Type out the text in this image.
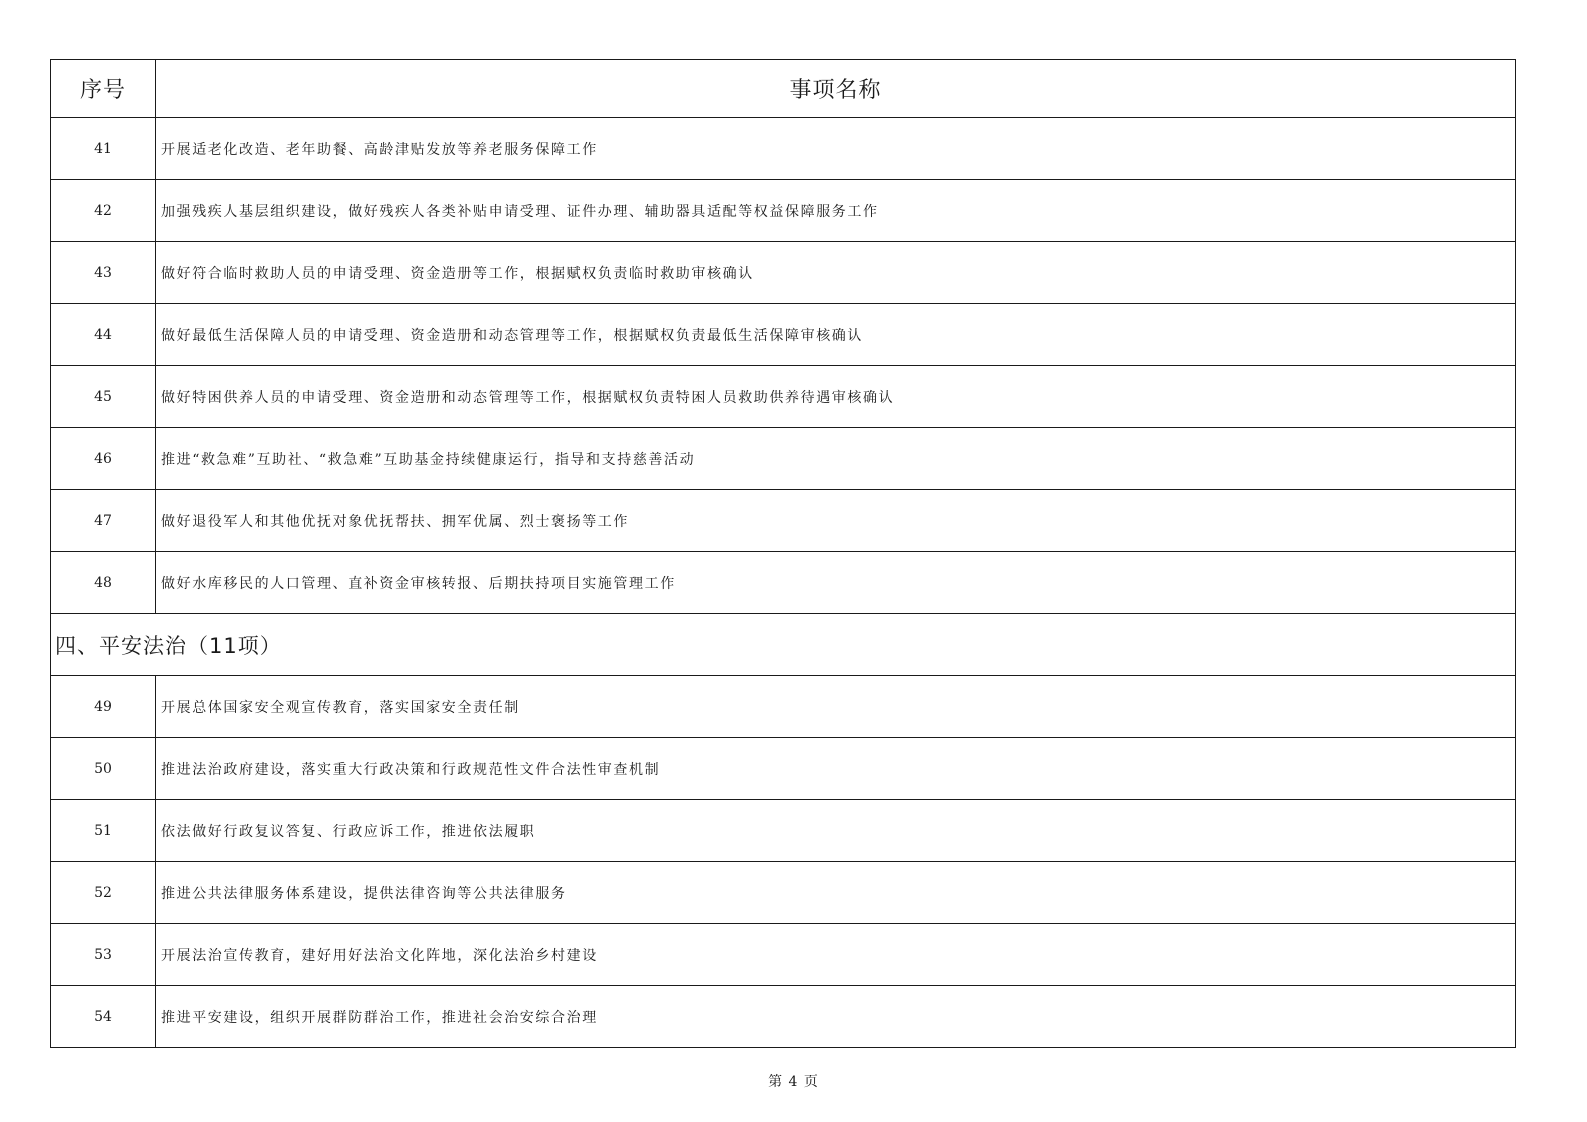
序号	事项名称
41	开展适老化改造、老年助餐、高龄津贴发放等养老服务保障工作
42	加强残疾人基层组织建设，做好残疾人各类补贴申请受理、证件办理、辅助器具适配等权益保障服务工作
43	做好符合临时救助人员的申请受理、资金造册等工作，根据赋权负责临时救助审核确认
44	做好最低生活保障人员的申请受理、资金造册和动态管理等工作，根据赋权负责最低生活保障审核确认
45	做好特困供养人员的申请受理、资金造册和动态管理等工作，根据赋权负责特困人员救助供养待遇审核确认
46	推进“救急难”互助社、“救急难”互助基金持续健康运行，指导和支持慈善活动
47	做好退役军人和其他优抚对象优抚帮扶、拥军优属、烈士褒扬等工作
48	做好水库移民的人口管理、直补资金审核转报、后期扶持项目实施管理工作
四、平安法治（11项）	
49	开展总体国家安全观宣传教育，落实国家安全责任制
50	推进法治政府建设，落实重大行政决策和行政规范性文件合法性审查机制
51	依法做好行政复议答复、行政应诉工作，推进依法履职
52	推进公共法律服务体系建设，提供法律咨询等公共法律服务
53	开展法治宣传教育，建好用好法治文化阵地，深化法治乡村建设
54	推进平安建设，组织开展群防群治工作，推进社会治安综合治理
第 4 页
